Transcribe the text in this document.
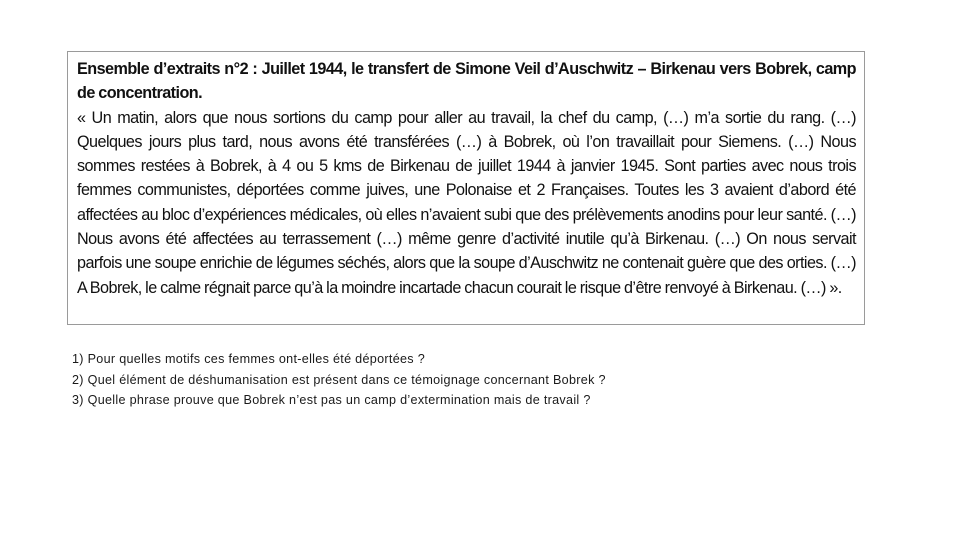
Ensemble d’extraits n°2 : Juillet 1944, le transfert de Simone Veil d’Auschwitz – Birkenau vers Bobrek, camp de concentration.

« Un matin, alors que nous sortions du camp pour aller au travail, la chef du camp, (…) m’a sortie du rang. (…) Quelques jours plus tard, nous avons été transférées (…) à Bobrek, où l’on travaillait pour Siemens. (…) Nous sommes restées à Bobrek, à 4 ou 5 kms de Birkenau de juillet 1944 à janvier 1945. Sont parties avec nous trois femmes communistes, déportées comme juives, une Polonaise et 2 Françaises. Toutes les 3 avaient d’abord été affectées au bloc d’expériences médicales, où elles n’avaient subi que des prélèvements anodins pour leur santé. (…) Nous avons été affectées au terrassement (…) même genre d’activité inutile qu’à Birkenau. (…) On nous servait parfois une soupe enrichie de légumes séchés, alors que la soupe d’Auschwitz ne contenait guère que des orties. (…) A Bobrek, le calme régnait parce qu’à la moindre incartade chacun courait le risque d’être renvoyé à Birkenau. (…) ».

1) Pour quelles motifs ces femmes ont-elles été déportées ?

2) Quel élément de déshumanisation est présent dans ce témoignage concernant Bobrek ?

3) Quelle phrase prouve que Bobrek n’est pas un camp d’extermination mais de travail ?
